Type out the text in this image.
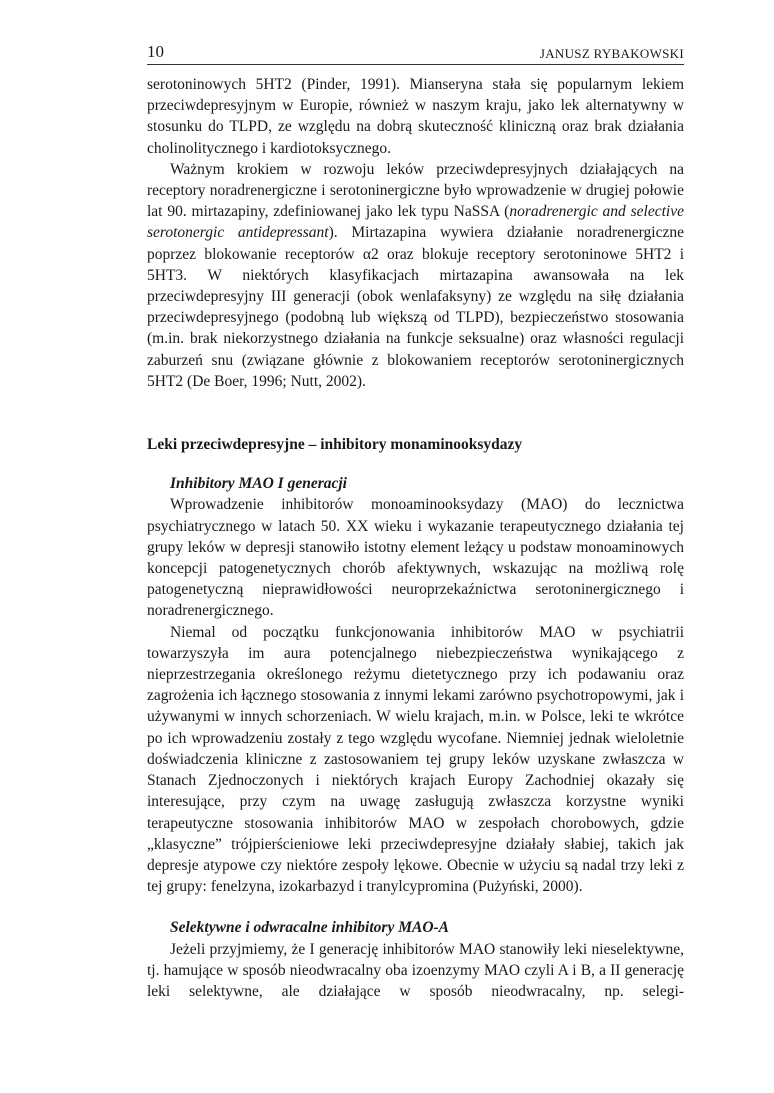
10	JANUSZ RYBAKOWSKI

serotoninowych 5HT2 (Pinder, 1991). Mianseryna stała się popularnym lekiem przeciwdepresyjnym w Europie, również w naszym kraju, jako lek alternatywny w stosunku do TLPD, ze względu na dobrą skuteczność kliniczną oraz brak działania cholinolitycznego i kardiotoksycznego.

Ważnym krokiem w rozwoju leków przeciwdepresyjnych działających na receptory noradrenergiczne i serotoninergiczne było wprowadzenie w drugiej połowie lat 90. mirtazapiny, zdefiniowanej jako lek typu NaSSA (noradrenergic and selective serotonergic antidepressant). Mirtazapina wywiera działanie noradrenergiczne poprzez blokowanie receptorów α2 oraz blokuje receptory serotoninowe 5HT2 i 5HT3. W niektórych klasyfikacjach mirtazapina awansowała na lek przeciwdepresyjny III generacji (obok wenlafaksyny) ze względu na siłę działania przeciwdepresyjnego (podobną lub większą od TLPD), bezpieczeństwo stosowania (m.in. brak niekorzystnego działania na funkcje seksualne) oraz własności regulacji zaburzeń snu (związane głównie z blokowaniem receptorów serotoninergicznych 5HT2 (De Boer, 1996; Nutt, 2002).

Leki przeciwdepresyjne – inhibitory monaminooksydazy

Inhibitory MAO I generacji

Wprowadzenie inhibitorów monoaminooksydazy (MAO) do lecznictwa psychiatrycznego w latach 50. XX wieku i wykazanie terapeutycznego działania tej grupy leków w depresji stanowiło istotny element leżący u podstaw monoaminowych koncepcji patogenetycznych chorób afektywnych, wskazując na możliwą rolę patogenetyczną nieprawidłowości neuroprzekaźnictwa serotoninergicznego i noradrenergicznego.

Niemal od początku funkcjonowania inhibitorów MAO w psychiatrii towarzyszyła im aura potencjalnego niebezpieczeństwa wynikającego z nieprzestrzegania określonego reżymu dietetycznego przy ich podawaniu oraz zagrożenia ich łącznego stosowania z innymi lekami zarówno psychotropowymi, jak i używanymi w innych schorzeniach. W wielu krajach, m.in. w Polsce, leki te wkrótce po ich wprowadzeniu zostały z tego względu wycofane. Niemniej jednak wieloletnie doświadczenia kliniczne z zastosowaniem tej grupy leków uzyskane zwłaszcza w Stanach Zjednoczonych i niektórych krajach Europy Zachodniej okazały się interesujące, przy czym na uwagę zasługują zwłaszcza korzystne wyniki terapeutyczne stosowania inhibitorów MAO w zespołach chorobowych, gdzie „klasyczne” trójpierścieniowe leki przeciwdepresyjne działały słabiej, takich jak depresje atypowe czy niektóre zespoły lękowe. Obecnie w użyciu są nadal trzy leki z tej grupy: fenelzyna, izokarbazyd i tranylcypromina (Pużyński, 2000).

Selektywne i odwracalne inhibitory MAO-A

Jeżeli przyjmiemy, że I generację inhibitorów MAO stanowiły leki nieselektywne, tj. hamujące w sposób nieodwracalny oba izoenzymy MAO czyli A i B, a II generację leki selektywne, ale działające w sposób nieodwracalny, np. selegi-
